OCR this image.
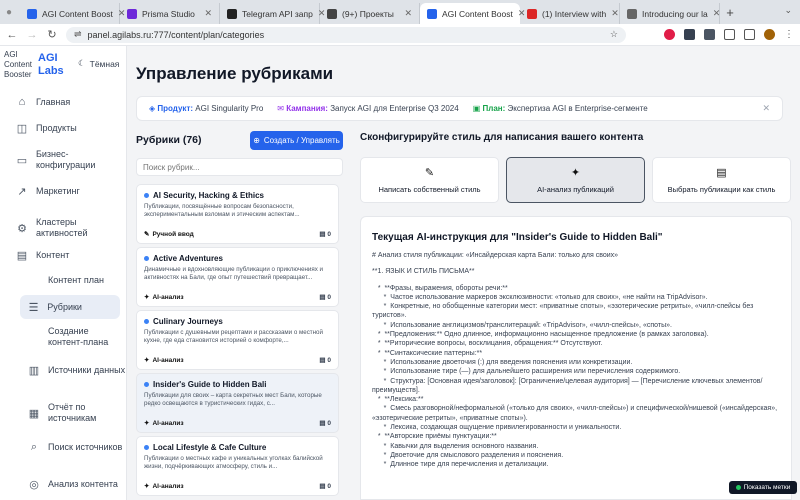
●	AGI Content Boost ✕ Prisma Studio	✕	Telegram API запр ✕ (9+) Проекты	✕	AGI Content Boost ✕ (1) Interview with ✕	Introducing our la ✕ +	⌄
← → ↻ ⇌ panel.agilabs.ru:777/content/plan/categories	☆	⋮
AGI Content Booster
AGI Labs
☾ Тёмная
⌂ Главная
◫ Продукты
▭
Бизнес-конфигурации
↗ Маркетинг
⚙
Кластеры активностей
▤ Контент
Контент план
☰ Рубрики
Создание контент-плана
▥ Источники данных
▦
Отчёт по источникам
⌕	Поиск источников
◎ Анализ контента
Управление рубриками
◈ Продукт: AGI Singularity Pro ✉ Кампания: Запуск AGI для Enterprise Q3 2024 ▣ План: Экспертиза AGI в Enterprise-сегменте	✕
Рубрики (76)	⊕ Создать / Управлять
Поиск рубрик...
AI Security, Hacking & Ethics
Публикации, посвящённые вопросам безопасности, экспериментальным взломам и этическим аспектам...
✎ Ручной ввод	▤ 0
Active Adventures
Динамичные и вдохновляющие публикации о приключениях и активностях на Бали, где опыт путешествий превращает...
✦ AI-анализ	▤ 0
Culinary Journeys
Публикации с душевными рецептами и рассказами о местной кухне, где еда становится историей о комфорте,...
✦ AI-анализ	▤ 0
Insider's Guide to Hidden Bali
Публикации для своих – карта секретных мест Бали, которые редко освещаются в туристических гидах, с...
✦ AI-анализ	▤ 0
Local Lifestyle & Cafe Culture
Публикации о местных кафе и уникальных уголках балийской жизни, подчёркивающих атмосферу, стиль и...
✦ AI-анализ	▤ 0
Сконфигурируйте стиль для написания вашего контента
✎
Написать собственный стиль
✦
AI-анализ публикаций
▤
Выбрать публикации как стиль
Текущая AI-инструкция для "Insider's Guide to Hidden Bali"
# Анализ стиля публикации: «Инсайдерская карта Бали: только для своих»
**1. ЯЗЫК И СТИЛЬ ПИСЬМА**
*  **Фразы, выражения, обороты речи:**
*  Частое использование маркеров эксклюзивности: «только для своих», «не найти на TripAdvisor».
*  Конкретные, но обобщенные категории мест: «приватные споты», «эзотерические ретриты», «чилл-спейсы без туристов».
*  Использование англицизмов/транслитераций: «TripAdvisor», «чилл-спейсы», «споты».
*  **Предложения:** Одно длинное, информационно насыщенное предложение (в рамках заголовка).
*  **Риторические вопросы, восклицания, обращения:** Отсутствуют.
*  **Синтаксические паттерны:**
*  Использование двоеточия (:) для введения пояснения или конкретизации.
*  Использование тире (—) для дальнейшего расширения или перечисления содержимого.
*  Структура: [Основная идея/заголовок]: [Ограничение/целевая аудитория] — [Перечисление ключевых элементов/преимуществ].
*  **Лексика:**
*  Смесь разговорной/неформальной («только для своих», «чилл-спейсы») и специфической/нишевой («инсайдерская», «эзотерические ретриты», «приватные споты»).
*  Лексика, создающая ощущение привилегированности и уникальности.
*  **Авторские приёмы пунктуации:**
*  Кавычки для выделения основного названия.
*  Двоеточие для смыслового разделения и пояснения.
*  Длинное тире для перечисления и детализации.
Показать метки
